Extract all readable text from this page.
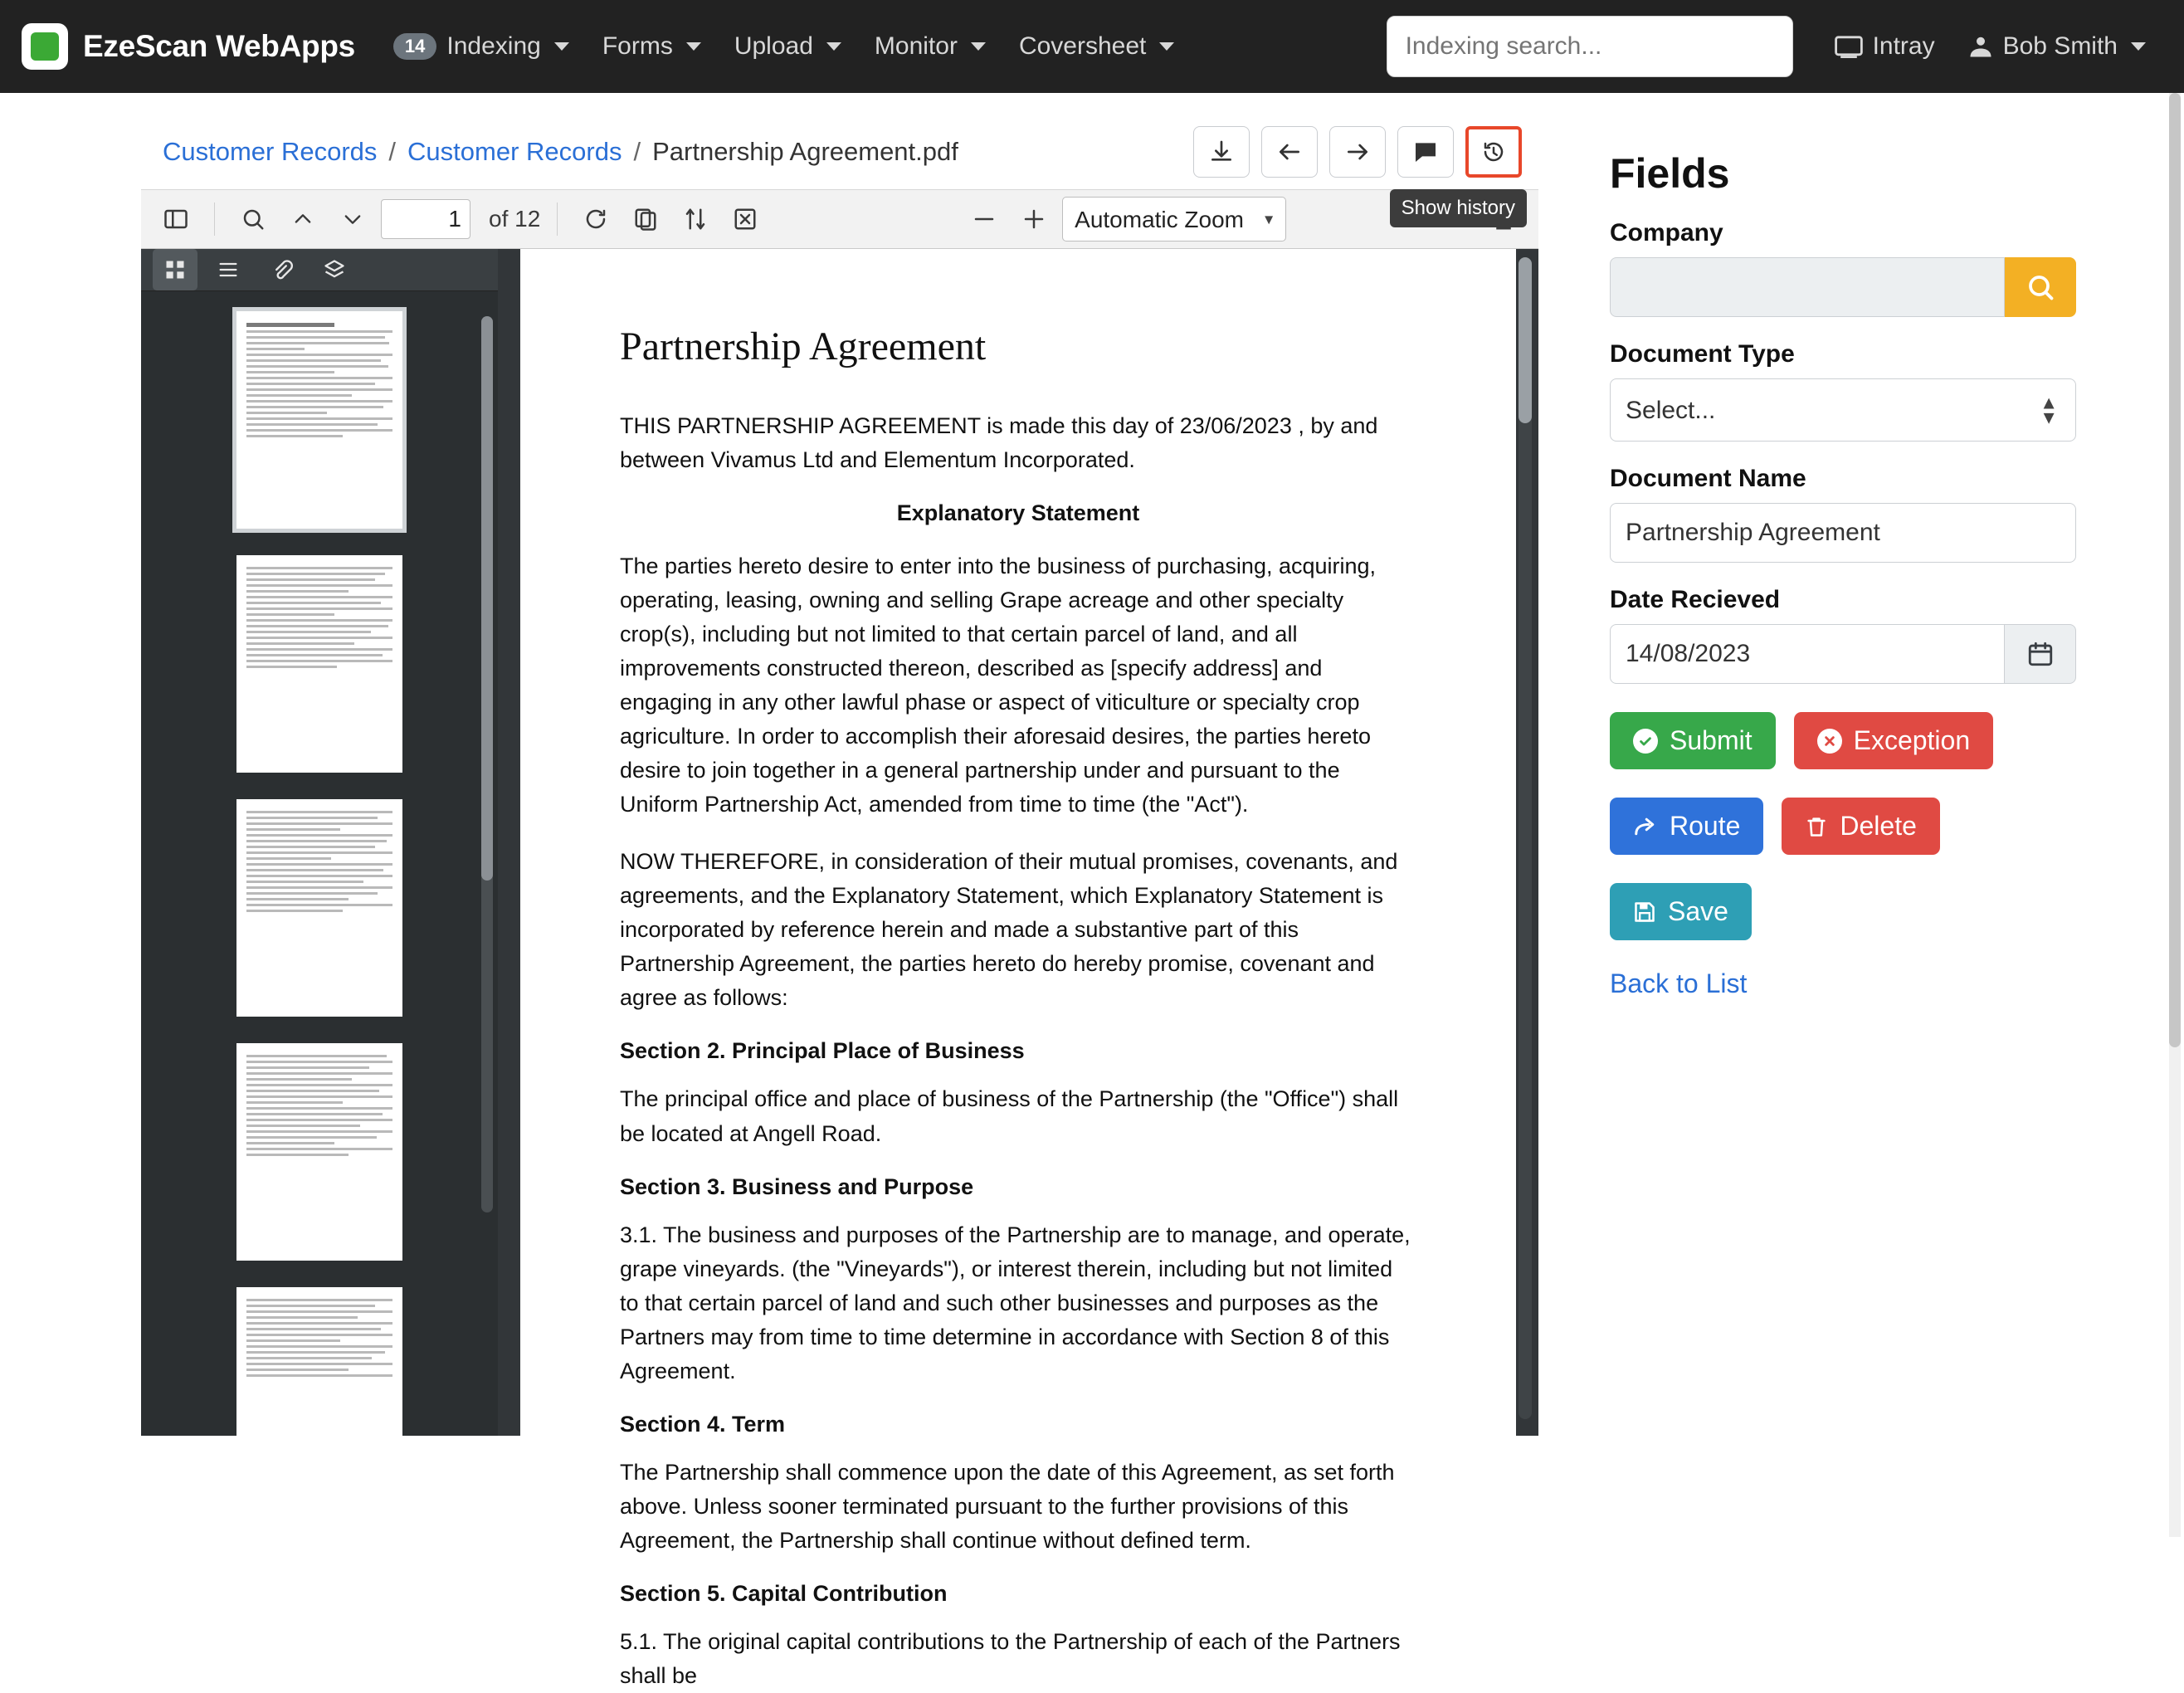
EzeScan WebApps	14 Indexing Forms Upload Monitor Coversheet
Indexing search...	Intray	Bob Smith
Customer Records / Customer Records / Partnership Agreement.pdf
Show history
1
of 12
Automatic Zoom	▾
Partnership Agreement

THIS PARTNERSHIP AGREEMENT is made this day of 23/06/2023 , by and between Vivamus Ltd and Elementum Incorporated.

Explanatory Statement

The parties hereto desire to enter into the business of purchasing, acquiring, operating, leasing, owning and selling Grape acreage and other specialty crop(s), including but not limited to that certain parcel of land, and all improvements constructed thereon, described as [specify address] and engaging in any other lawful phase or aspect of viticulture or specialty crop agriculture. In order to accomplish their aforesaid desires, the parties hereto desire to join together in a general partnership under and pursuant to the Uniform Partnership Act, amended from time to time (the "Act").

NOW THEREFORE, in consideration of their mutual promises, covenants, and agreements, and the Explanatory Statement, which Explanatory Statement is incorporated by reference herein and made a substantive part of this Partnership Agreement, the parties hereto do hereby promise, covenant and agree as follows:

Section 2. Principal Place of Business

The principal office and place of business of the Partnership (the "Office") shall be located at Angell Road.

Section 3. Business and Purpose

3.1. The business and purposes of the Partnership are to manage, and operate, grape vineyards. (the "Vineyards"), or interest therein, including but not limited to that certain parcel of land and such other businesses and purposes as the Partners may from time to time determine in accordance with Section 8 of this Agreement.

Section 4. Term

The Partnership shall commence upon the date of this Agreement, as set forth above. Unless sooner terminated pursuant to the further provisions of this Agreement, the Partnership shall continue without defined term.

Section 5. Capital Contribution

5.1. The original capital contributions to the Partnership of each of the Partners shall be

Fields
Company
Document Type
Select...
▲
▼
Document Name
Partnership Agreement
Date Recieved
14/08/2023
Submit	Exception
Route	Delete
Save
Back to List
